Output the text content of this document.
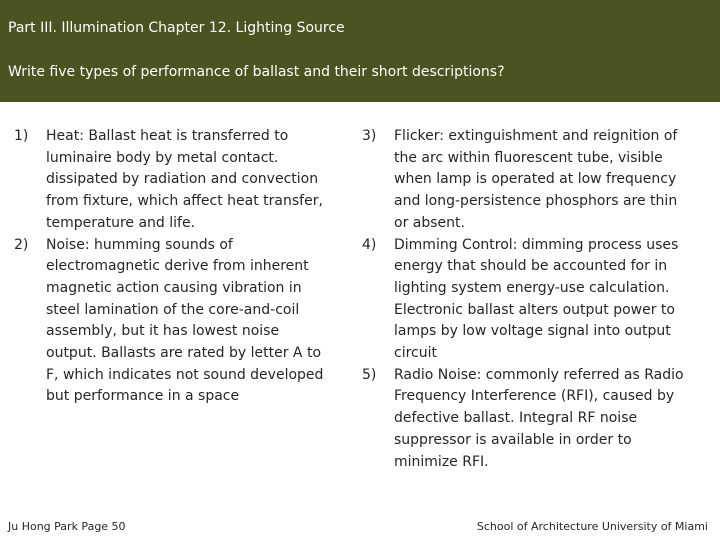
Part III. Illumination Chapter 12. Lighting Source
Write five types of performance of ballast and their short descriptions?
1) Heat: Ballast heat is transferred to luminaire body by metal contact. dissipated by radiation and convection from fixture, which affect heat transfer, temperature and life.
2) Noise: humming sounds of electromagnetic derive from inherent magnetic action causing vibration in steel lamination of the core-and-coil assembly, but it has lowest noise output. Ballasts are rated by letter A to F, which indicates not sound developed but performance in a space
3) Flicker: extinguishment and reignition of the arc within fluorescent tube, visible when lamp is operated at low frequency and long-persistence phosphors are thin or absent.
4) Dimming Control: dimming process uses energy that should be accounted for in lighting system energy-use calculation. Electronic ballast alters output power to lamps by low voltage signal into output circuit
5) Radio Noise: commonly referred as Radio Frequency Interference (RFI), caused by defective ballast. Integral RF noise suppressor is available in order to minimize RFI.
Ju Hong Park Page 50	School of Architecture University of Miami
